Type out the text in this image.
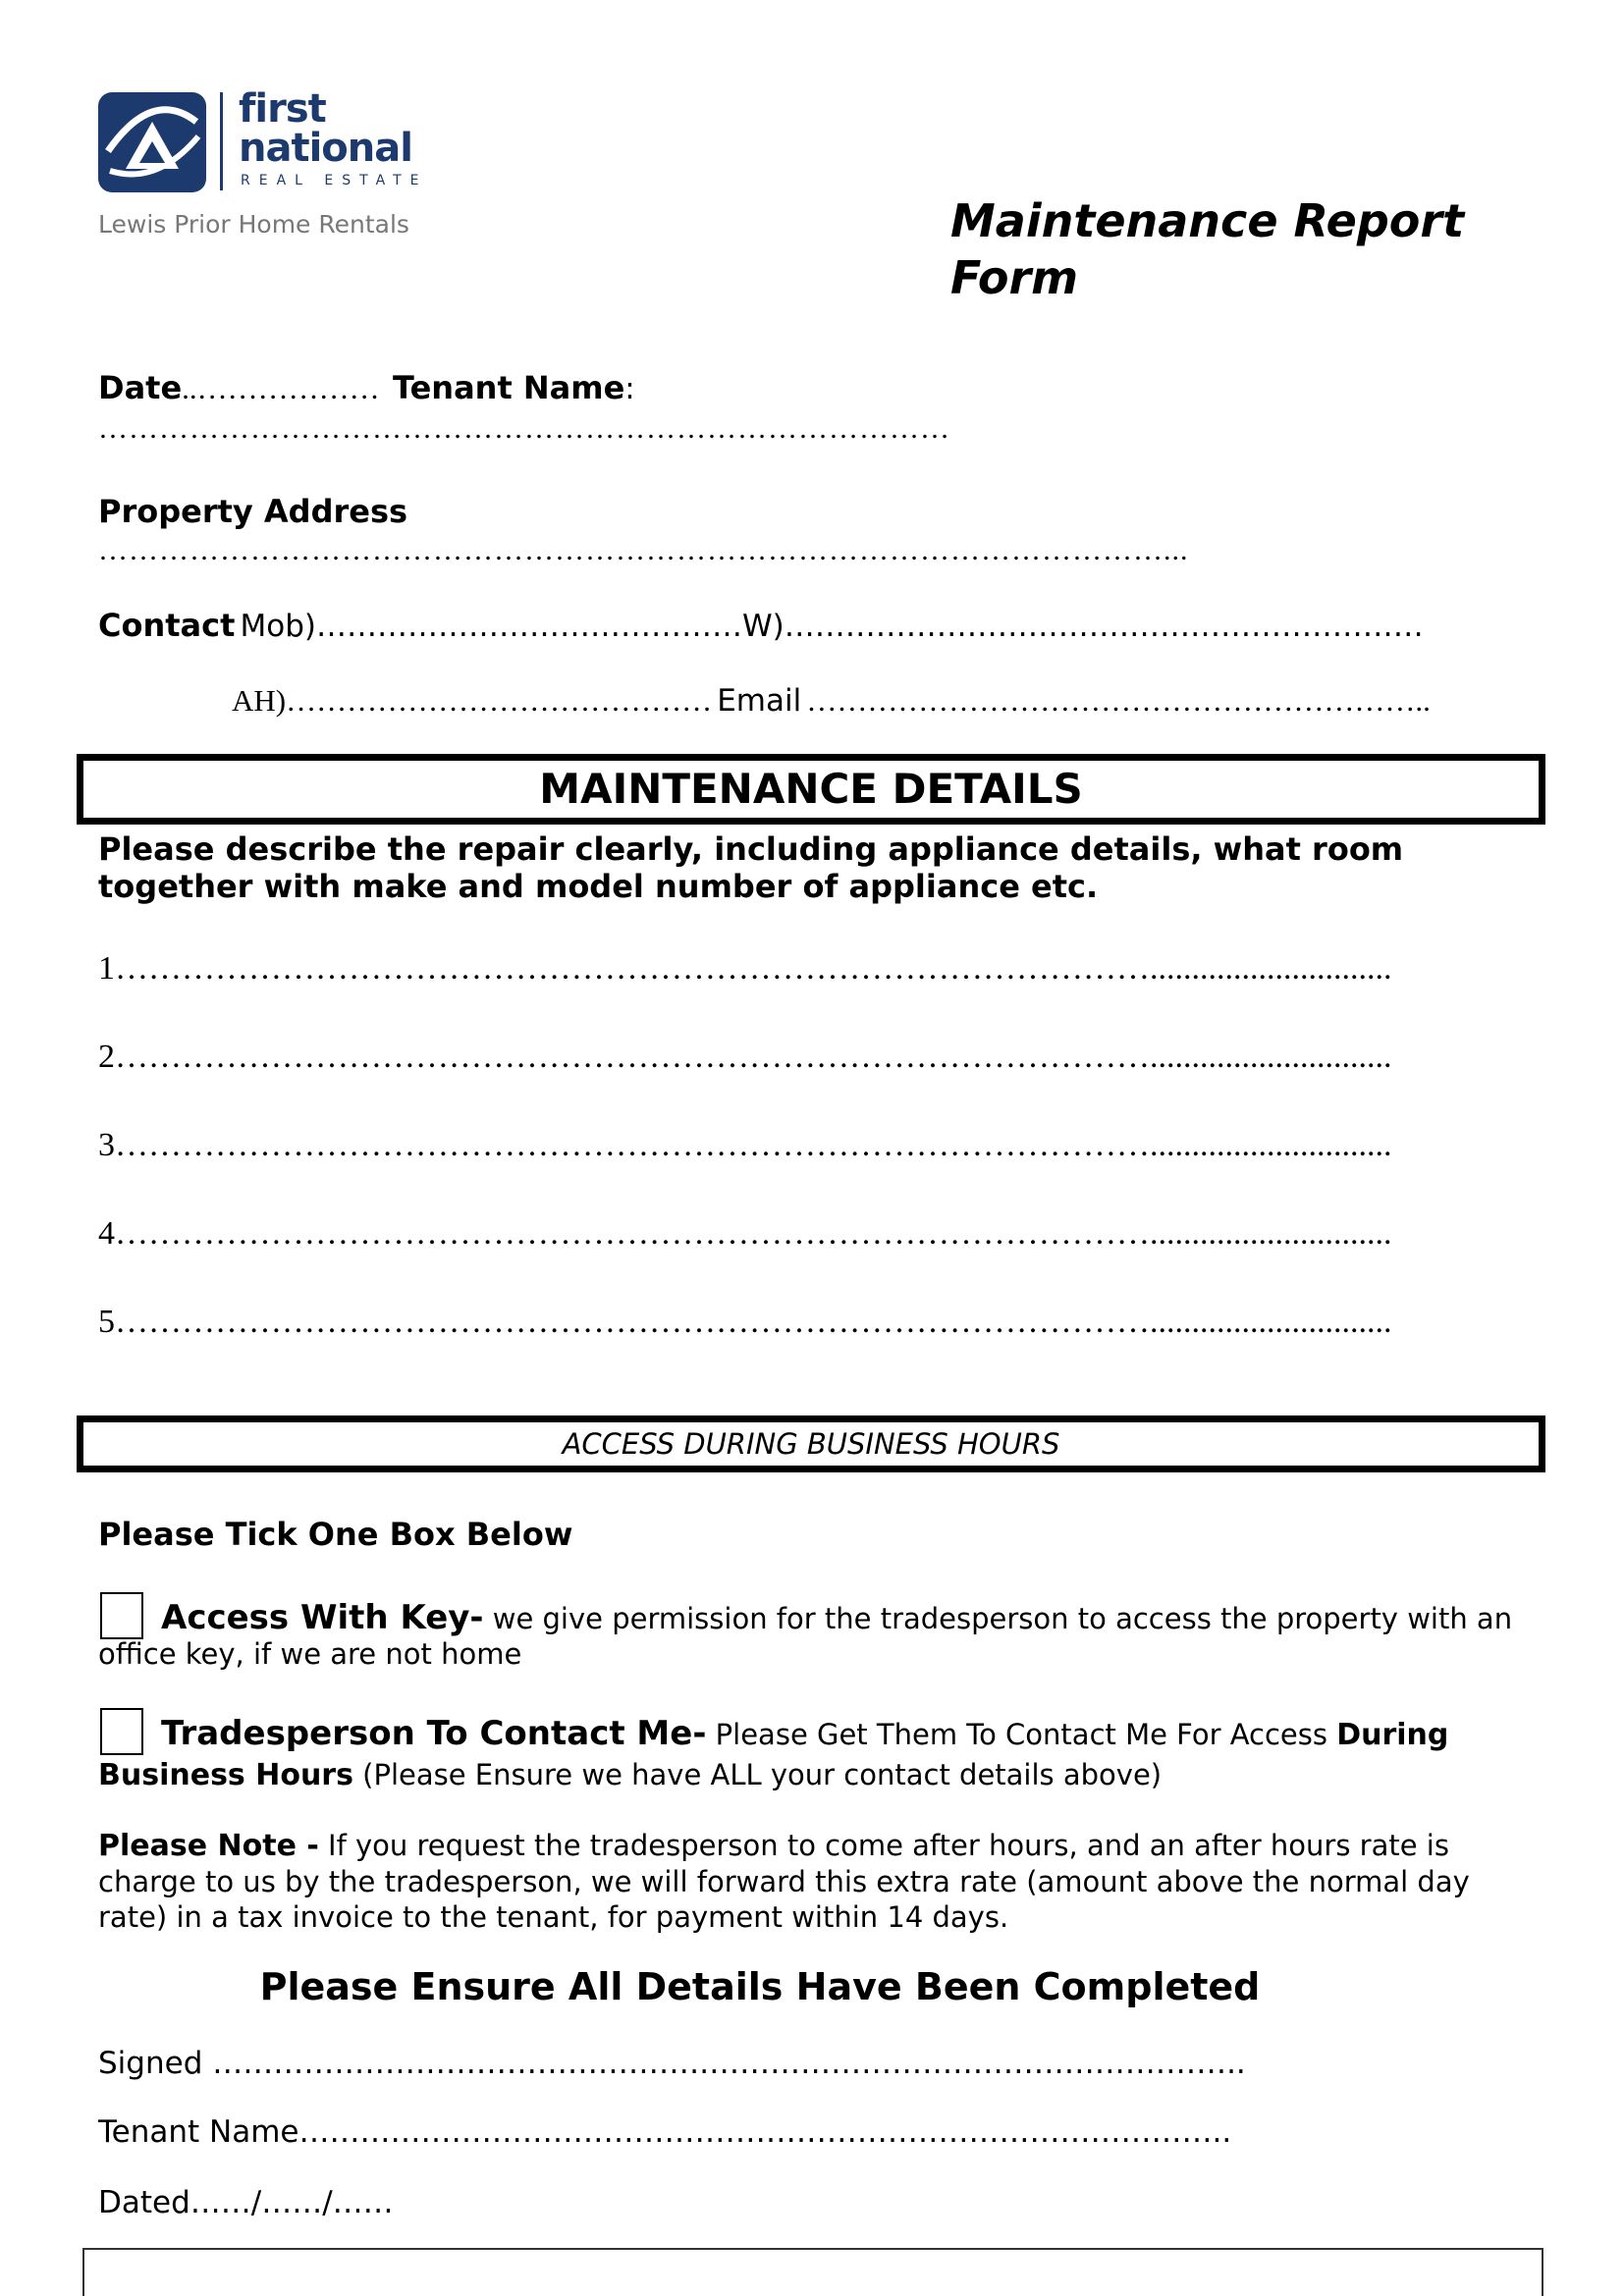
first
national
REAL ESTATE
Lewis Prior Home Rentals	Maintenance Report Form
Date..……………… Tenant Name:
…………………………………………………………………………
Property Address
……………………………………………………………………………………………...
Contact Mob)……………………………………W)………………………………………………………
AH)…………………………………… Email ……………………………………………………..
MAINTENANCE DETAILS
Please describe the repair clearly, including appliance details, what room together with make and model number of appliance etc.
1………………………………………………………………………………….............................
2………………………………………………………………………………….............................
3………………………………………………………………………………….............................
4………………………………………………………………………………….............................
5………………………………………………………………………………….............................
ACCESS DURING BUSINESS HOURS
Please Tick One Box Below
Access With Key- we give permission for the tradesperson to access the property with an office key, if we are not home
Tradesperson To Contact Me- Please Get Them To Contact Me For Access During Business Hours (Please Ensure we have ALL your contact details above)
Please Note - If you request the tradesperson to come after hours, and an after hours rate is charge to us by the tradesperson, we will forward this extra rate (amount above the normal day rate) in a tax invoice to the tenant, for payment within 14 days.
Please Ensure All Details Have Been Completed
Signed ………………………………………….……………………………………………..
Tenant Name………………………………………………………………………………..
Dated……/……/……
